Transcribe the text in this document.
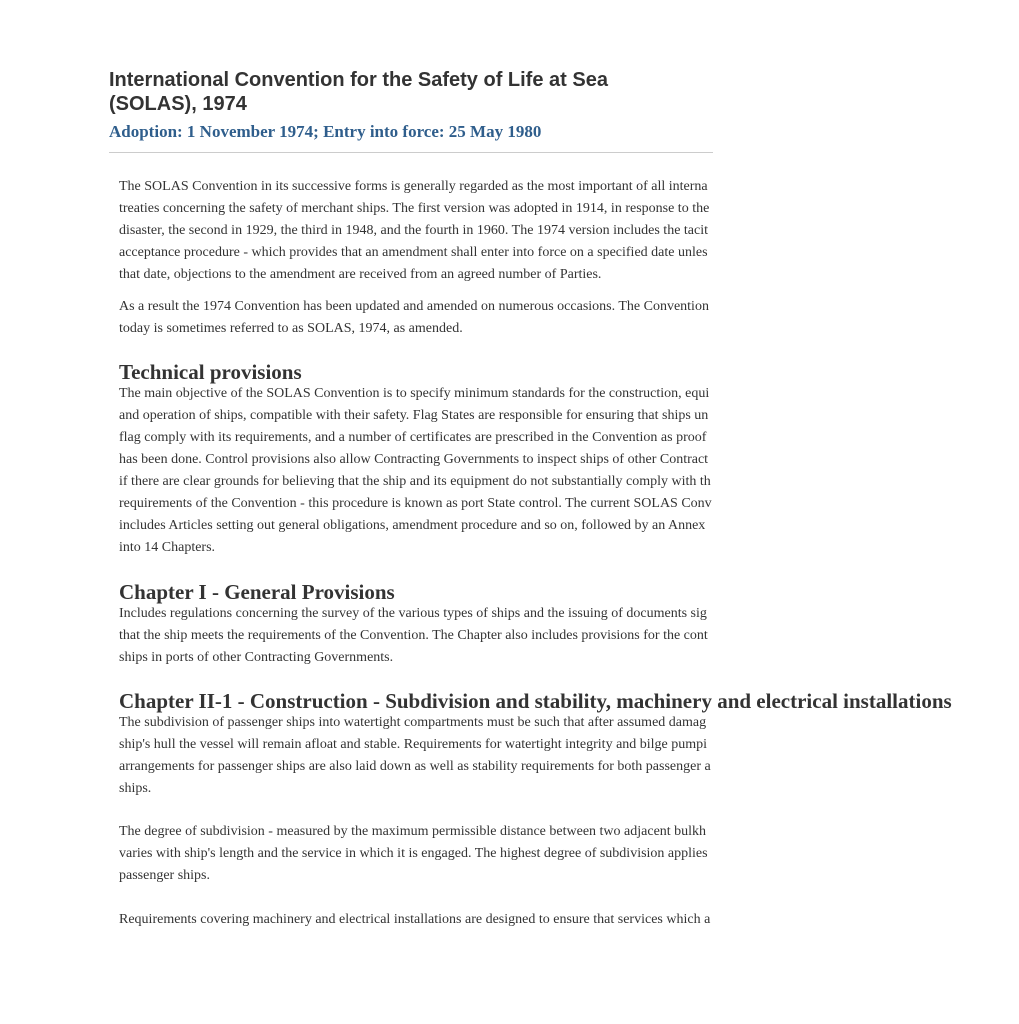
International Convention for the Safety of Life at Sea
(SOLAS), 1974
Adoption: 1 November 1974; Entry into force: 25 May 1980

The SOLAS Convention in its successive forms is generally regarded as the most important of all interna
treaties concerning the safety of merchant ships. The first version was adopted in 1914, in response to the
disaster, the second in 1929, the third in 1948, and the fourth in 1960. The 1974 version includes the tacit
acceptance procedure - which provides that an amendment shall enter into force on a specified date unles
that date, objections to the amendment are received from an agreed number of Parties.

As a result the 1974 Convention has been updated and amended on numerous occasions. The Convention
today is sometimes referred to as SOLAS, 1974, as amended.

Technical provisions

The main objective of the SOLAS Convention is to specify minimum standards for the construction, equi
and operation of ships, compatible with their safety. Flag States are responsible for ensuring that ships un
flag comply with its requirements, and a number of certificates are prescribed in the Convention as proof
has been done. Control provisions also allow Contracting Governments to inspect ships of other Contract
if there are clear grounds for believing that the ship and its equipment do not substantially comply with th
requirements of the Convention - this procedure is known as port State control. The current SOLAS Conv
includes Articles setting out general obligations, amendment procedure and so on, followed by an Annex
into 14 Chapters.

Chapter I - General Provisions

Includes regulations concerning the survey of the various types of ships and the issuing of documents sig
that the ship meets the requirements of the Convention. The Chapter also includes provisions for the cont
ships in ports of other Contracting Governments.

Chapter II-1 - Construction - Subdivision and stability, machinery and electrical installations

The subdivision of passenger ships into watertight compartments must be such that after assumed damag
ship's hull the vessel will remain afloat and stable. Requirements for watertight integrity and bilge pumpi
arrangements for passenger ships are also laid down as well as stability requirements for both passenger a
ships.

The degree of subdivision - measured by the maximum permissible distance between two adjacent bulkh
varies with ship's length and the service in which it is engaged. The highest degree of subdivision applies
passenger ships.

Requirements covering machinery and electrical installations are designed to ensure that services which a
